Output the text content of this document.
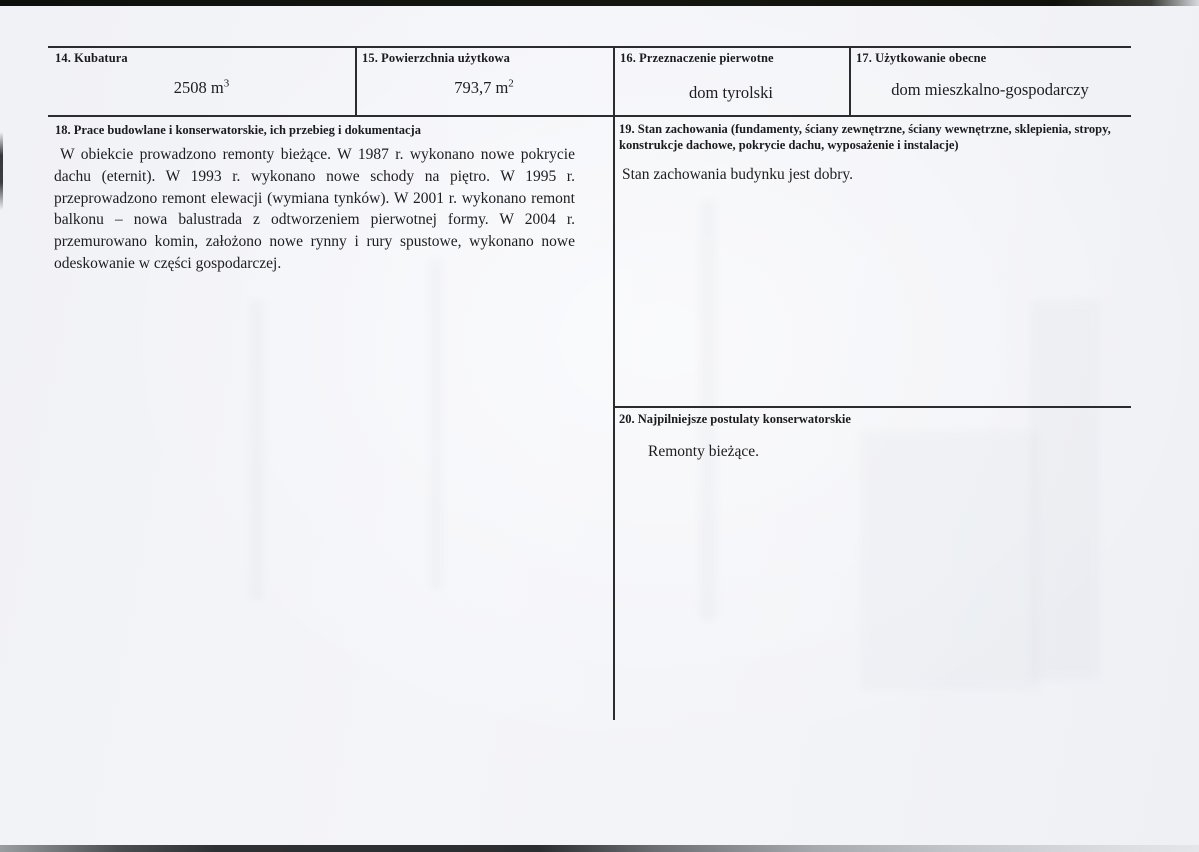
14. Kubatura
2508 $m^3$
15. Powierzchnia użytkowa
793,7 $m^2$
16. Przeznaczenie pierwotne
dom tyrolski
17. Użytkowanie obecne
dom mieszkalno-gospodarczy
18. Prace budowlane i konserwatorskie, ich przebieg i dokumentacja
W obiekcie prowadzono remonty bieżące. W 1987 r. wykonano nowe pokrycie dachu (eternit). W 1993 r. wykonano nowe schody na piętro. W 1995 r. przeprowadzono remont elewacji (wymiana tynków). W 2001 r. wykonano remont balkonu – nowa balustrada z odtworzeniem pierwotnej formy. W 2004 r. przemurowano komin, założono nowe rynny i rury spustowe, wykonano nowe odeskowanie w części gospodarczej.
19. Stan zachowania (fundamenty, ściany zewnętrzne, ściany wewnętrzne, sklepienia, stropy, konstrukcje dachowe, pokrycie dachu, wyposażenie i instalacje)
Stan zachowania budynku jest dobry.
20. Najpilniejsze postulaty konserwatorskie
Remonty bieżące.
